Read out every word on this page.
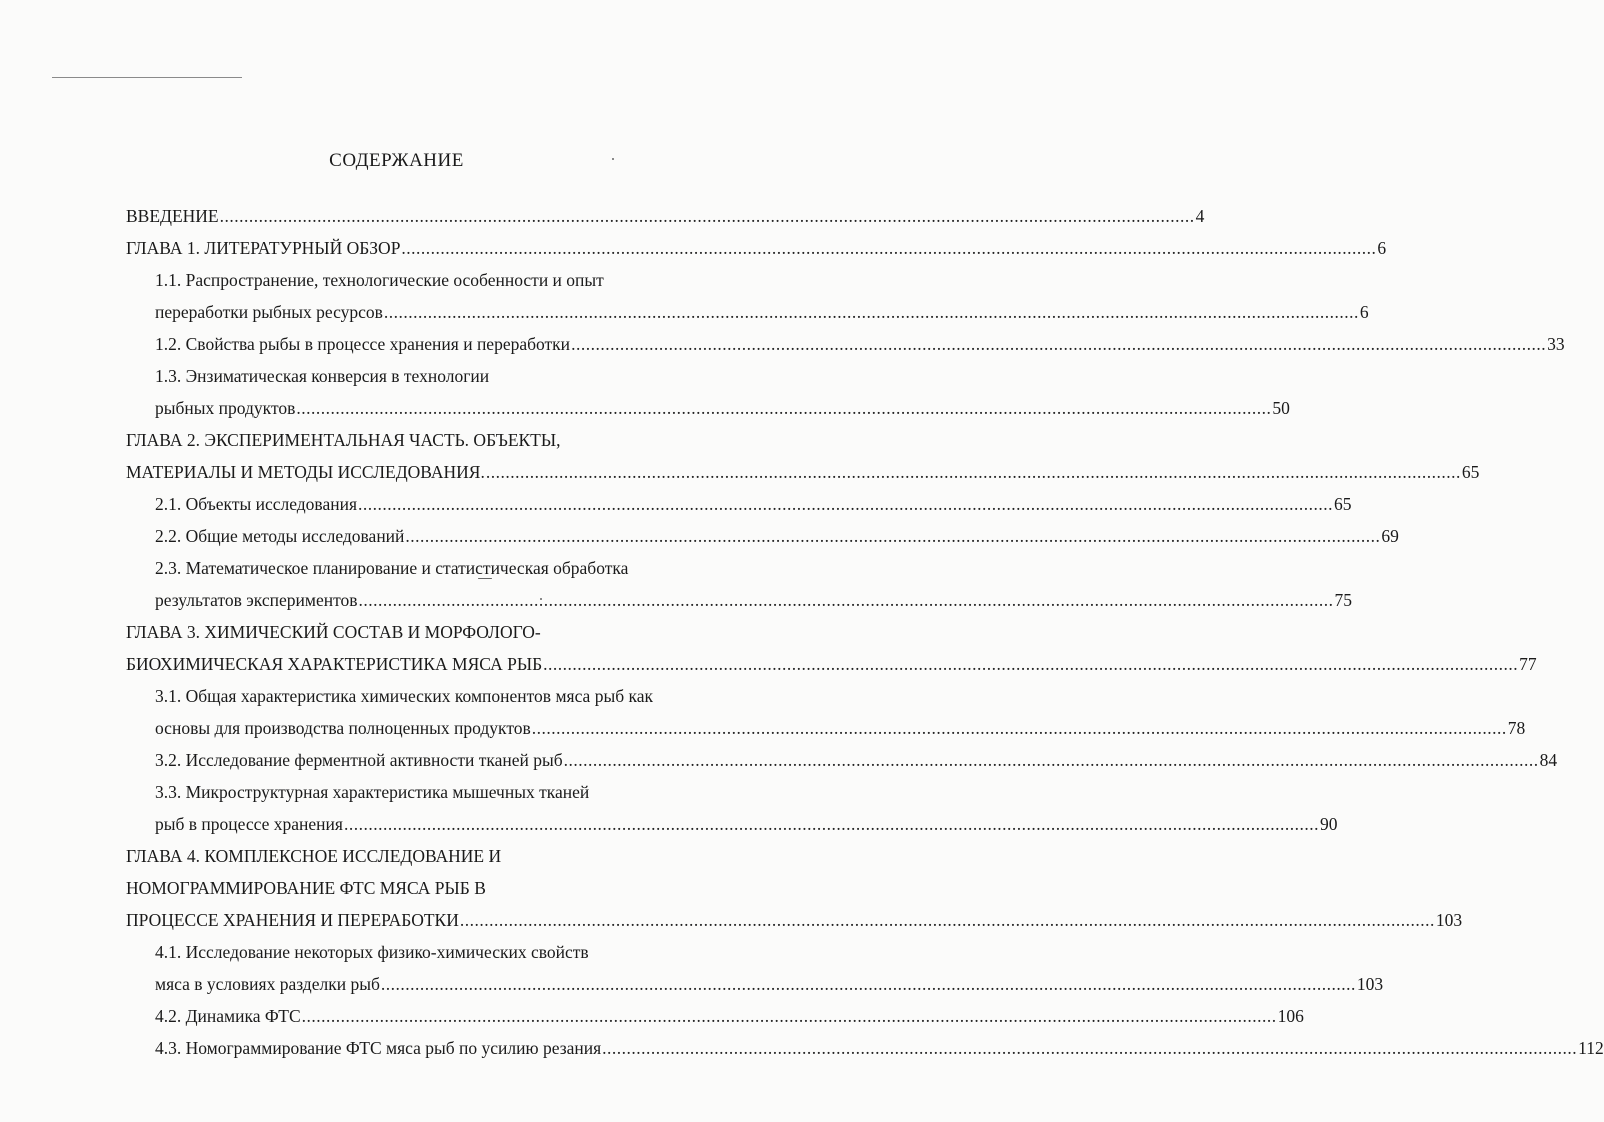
СОДЕРЖАНИЕ
ВВЕДЕНИЕ ........................................................................................................................................................................................................ 4
ГЛАВА 1. ЛИТЕРАТУРНЫЙ ОБЗОР ........................................................................................................................................................................................................ 6
1.1. Распространение, технологические особенности и опыт
переработки рыбных ресурсов ........................................................................................................................................................................................................ 6
1.2. Свойства рыбы в процессе хранения и переработки ........................................................................................................................................................................................................ 33
1.3. Энзиматическая конверсия в технологии
рыбных продуктов ........................................................................................................................................................................................................ 50
ГЛАВА 2. ЭКСПЕРИМЕНТАЛЬНАЯ ЧАСТЬ. ОБЪЕКТЫ,
МАТЕРИАЛЫ И МЕТОДЫ ИССЛЕДОВАНИЯ. ........................................................................................................................................................................................................ 65
2.1. Объекты исследования ........................................................................................................................................................................................................ 65
2.2. Общие методы исследований ........................................................................................................................................................................................................ 69
2.3. Математическое планирование и статистическая обработка
результатов экспериментов ........................................................................................................................................................................................................ 75
ГЛАВА 3. ХИМИЧЕСКИЙ СОСТАВ И МОРФОЛОГО-
БИОХИМИЧЕСКАЯ ХАРАКТЕРИСТИКА МЯСА РЫБ ........................................................................................................................................................................................................ 77
3.1. Общая характеристика химических компонентов мяса рыб как
основы для производства полноценных продуктов ........................................................................................................................................................................................................ 78
3.2. Исследование ферментной активности тканей рыб ........................................................................................................................................................................................................ 84
3.3. Микроструктурная характеристика мышечных тканей
рыб в процессе хранения ........................................................................................................................................................................................................ 90
ГЛАВА 4. КОМПЛЕКСНОЕ ИССЛЕДОВАНИЕ И
НОМОГРАММИРОВАНИЕ ФТС МЯСА РЫБ В
ПРОЦЕССЕ ХРАНЕНИЯ И ПЕРЕРАБОТКИ ........................................................................................................................................................................................................ 103
4.1. Исследование некоторых физико-химических свойств
мяса в условиях разделки рыб ........................................................................................................................................................................................................ 103
4.2. Динамика ФТС ........................................................................................................................................................................................................ 106
4.3. Номограммирование ФТС мяса рыб по усилию резания ........................................................................................................................................................................................................ 112
